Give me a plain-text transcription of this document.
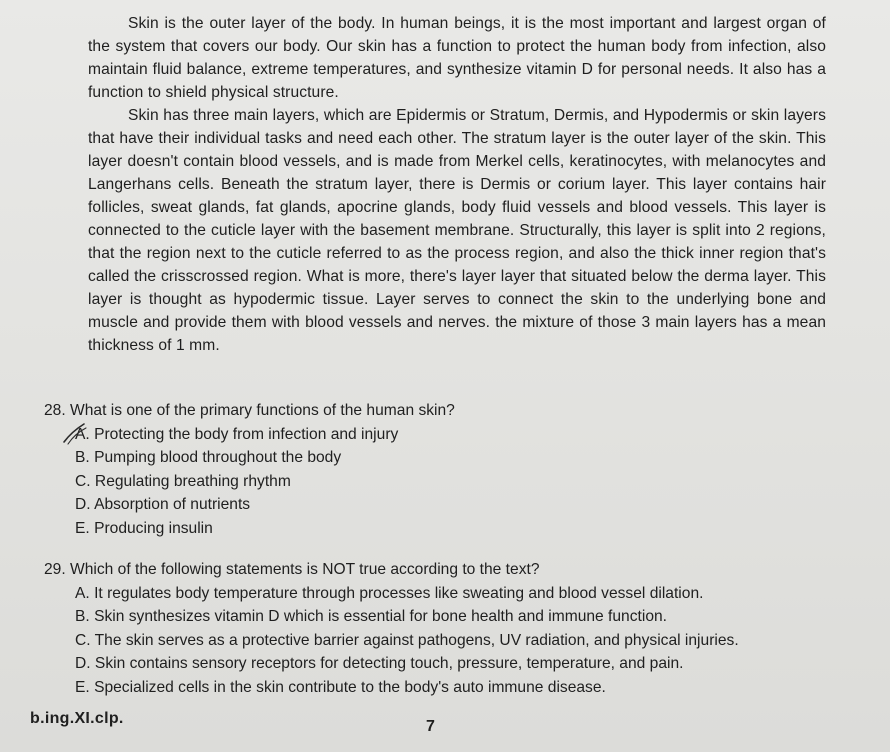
Skin is the outer layer of the body. In human beings, it is the most important and largest organ of the system that covers our body. Our skin has a function to protect the human body from infection, also maintain fluid balance, extreme temperatures, and synthesize vitamin D for personal needs. It also has a function to shield physical structure.

Skin has three main layers, which are Epidermis or Stratum, Dermis, and Hypodermis or skin layers that have their individual tasks and need each other. The stratum layer is the outer layer of the skin. This layer doesn't contain blood vessels, and is made from Merkel cells, keratinocytes, with melanocytes and Langerhans cells. Beneath the stratum layer, there is Dermis or corium layer. This layer contains hair follicles, sweat glands, fat glands, apocrine glands, body fluid vessels and blood vessels. This layer is connected to the cuticle layer with the basement membrane. Structurally, this layer is split into 2 regions, that the region next to the cuticle referred to as the process region, and also the thick inner region that's called the crisscrossed region. What is more, there's layer layer that situated below the derma layer. This layer is thought as hypodermic tissue. Layer serves to connect the skin to the underlying bone and muscle and provide them with blood vessels and nerves. the mixture of those 3 main layers has a mean thickness of 1 mm.

28. What is one of the primary functions of the human skin?

A. Protecting the body from infection and injury
B. Pumping blood throughout the body
C. Regulating breathing rhythm
D. Absorption of nutrients
E. Producing insulin

29. Which of the following statements is NOT true according to the text?

A. It regulates body temperature through processes like sweating and blood vessel dilation.
B. Skin synthesizes vitamin D which is essential for bone health and immune function.
C. The skin serves as a protective barrier against pathogens, UV radiation, and physical injuries.
D. Skin contains sensory receptors for detecting touch, pressure, temperature, and pain.
E. Specialized cells in the skin contribute to the body's auto immune disease.
b.ing.XI.clp.	7
